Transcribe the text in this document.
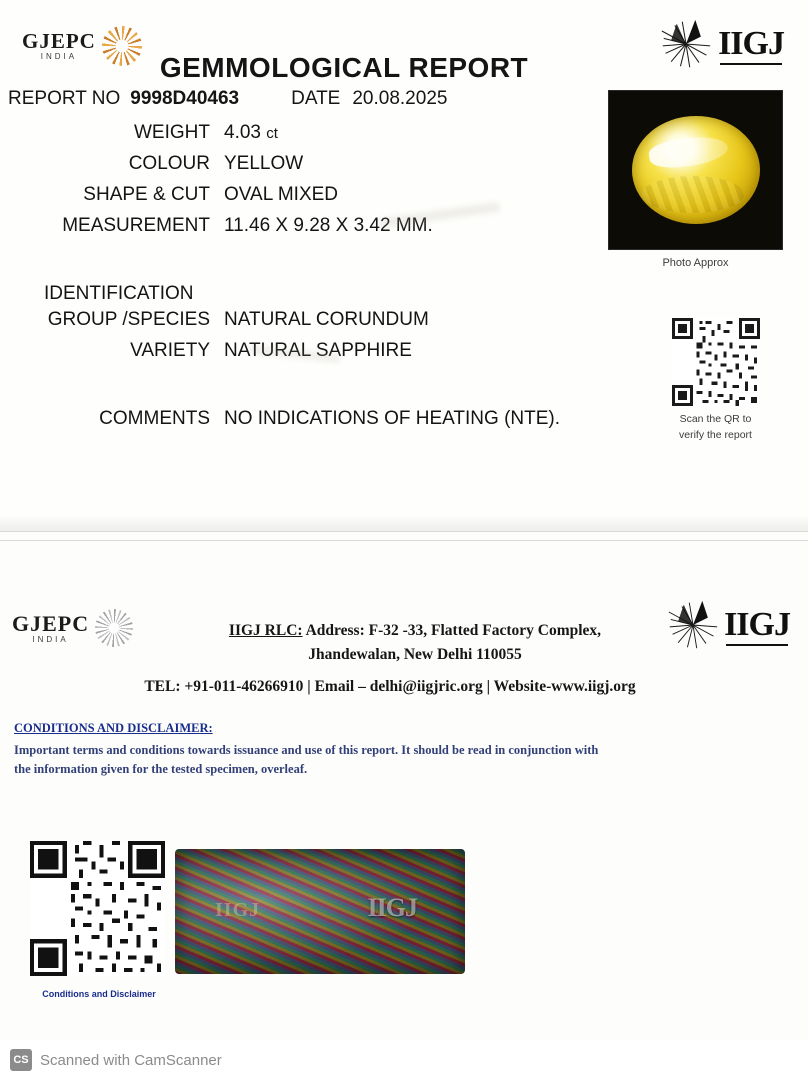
GJEPC
INDIA	IIGJ
GEMMOLOGICAL REPORT
REPORT NO 9998D40463	DATE 20.08.2025
WEIGHT 4.03 ct
COLOUR YELLOW
SHAPE & CUT OVAL MIXED
MEASUREMENT 11.46 X 9.28 X 3.42 MM.
IDENTIFICATION
GROUP /SPECIES NATURAL CORUNDUM
VARIETY NATURAL SAPPHIRE
COMMENTS NO INDICATIONS OF HEATING (NTE).
Photo Approx
Scan the QR to
verify the report
GJEPC
INDIA	IIGJ
IIGJ RLC: Address: F-32 -33, Flatted Factory Complex,
Jhandewalan, New Delhi 110055
TEL: +91-011-46266910 | Email – delhi@iigjric.org | Website-www.iigj.org
CONDITIONS AND DISCLAIMER:
Important terms and conditions towards issuance and use of this report. It should be read in conjunction with
the information given for the tested specimen, overleaf.
Conditions and Disclaimer
IIGJ
IIGJ
CS Scanned with CamScanner
